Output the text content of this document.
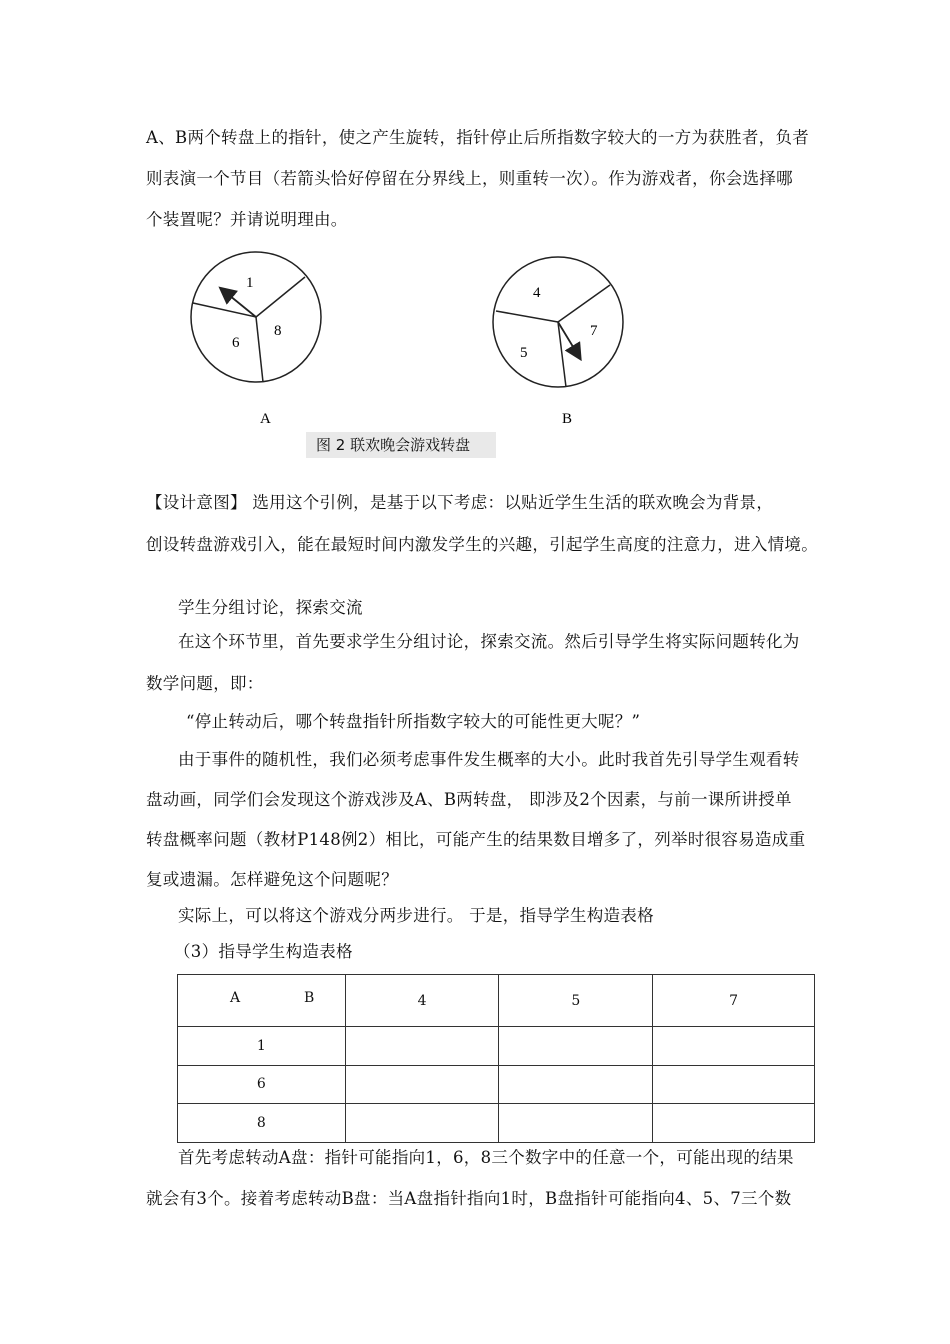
A、B两个转盘上的指针，使之产生旋转，指针停止后所指数字较大的一方为获胜者，负者
则表演一个节目（若箭头恰好停留在分界线上，则重转一次）。作为游戏者，你会选择哪
个装置呢？并请说明理由。
1
6
8
A
4
7
5
B
图 2 联欢晚会游戏转盘
【设计意图】 选用这个引例，是基于以下考虑：以贴近学生生活的联欢晚会为背景，
创设转盘游戏引入，能在最短时间内激发学生的兴趣，引起学生高度的注意力，进入情境。
学生分组讨论，探索交流
在这个环节里，首先要求学生分组讨论，探索交流。然后引导学生将实际问题转化为
数学问题，即：
“停止转动后，哪个转盘指针所指数字较大的可能性更大呢？”
由于事件的随机性，我们必须考虑事件发生概率的大小。此时我首先引导学生观看转
盘动画，同学们会发现这个游戏涉及A、B两转盘， 即涉及2个因素，与前一课所讲授单
转盘概率问题（教材P148例2）相比，可能产生的结果数目增多了，列举时很容易造成重
复或遗漏。怎样避免这个问题呢？
实际上，可以将这个游戏分两步进行。 于是，指导学生构造表格
（3）指导学生构造表格
A B	4	5	7
1			
6			
8			
首先考虑转动A盘：指针可能指向1，6，8三个数字中的任意一个，可能出现的结果
就会有3个。接着考虑转动B盘：当A盘指针指向1时，B盘指针可能指向4、5、7三个数
